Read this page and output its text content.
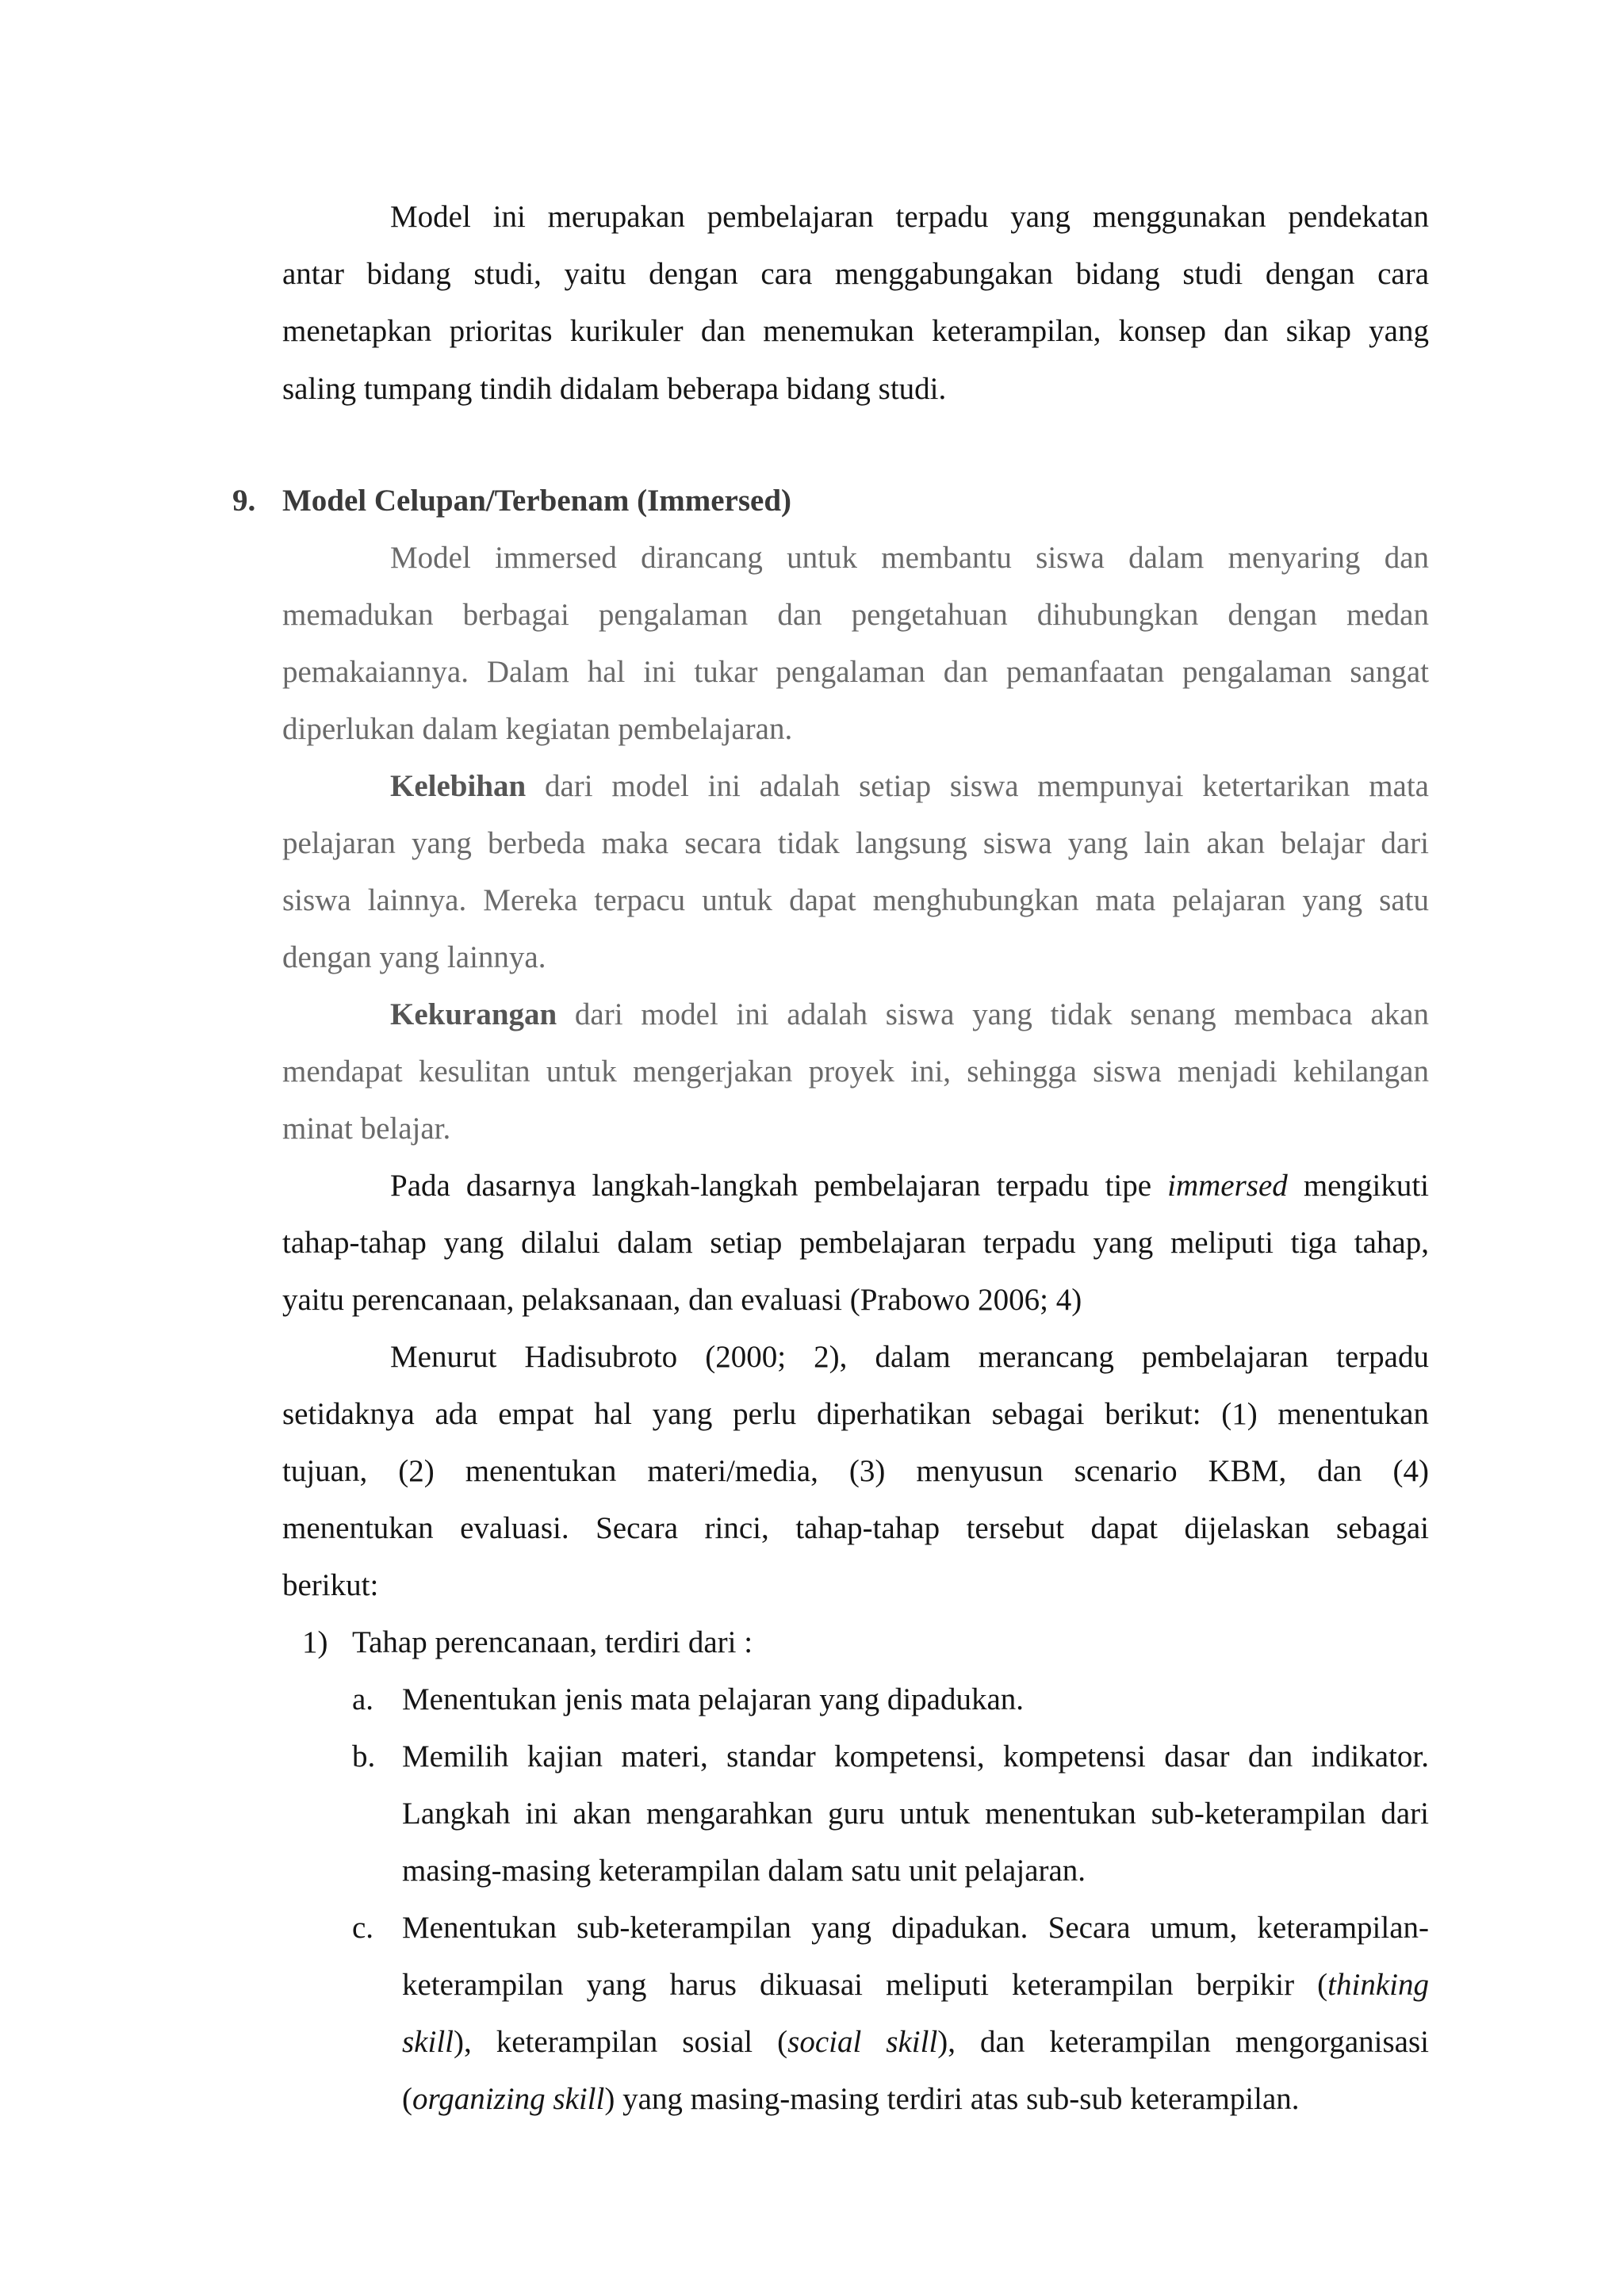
Model ini merupakan pembelajaran terpadu yang menggunakan pendekatan

antar bidang studi, yaitu dengan cara menggabungakan bidang studi dengan cara

menetapkan prioritas kurikuler dan menemukan keterampilan, konsep dan sikap yang

saling tumpang tindih didalam beberapa bidang studi.

9. Model Celupan/Terbenam (Immersed)

Model immersed dirancang untuk membantu siswa dalam menyaring dan

memadukan berbagai pengalaman dan pengetahuan dihubungkan dengan medan

pemakaiannya. Dalam hal ini tukar pengalaman dan pemanfaatan pengalaman sangat

diperlukan dalam kegiatan pembelajaran.

Kelebihan dari model ini adalah setiap siswa mempunyai ketertarikan mata

pelajaran yang berbeda maka secara tidak langsung siswa yang lain akan belajar dari

siswa lainnya. Mereka terpacu untuk dapat menghubungkan mata pelajaran yang satu

dengan yang lainnya.

Kekurangan dari model ini adalah siswa yang tidak senang membaca akan

mendapat kesulitan untuk mengerjakan proyek ini, sehingga siswa menjadi kehilangan

minat belajar.

Pada dasarnya langkah-langkah pembelajaran terpadu tipe immersed mengikuti

tahap-tahap yang dilalui dalam setiap pembelajaran terpadu yang meliputi tiga tahap,

yaitu perencanaan, pelaksanaan, dan evaluasi (Prabowo 2006; 4)

Menurut Hadisubroto (2000; 2), dalam merancang pembelajaran terpadu

setidaknya ada empat hal yang perlu diperhatikan sebagai berikut: (1) menentukan

tujuan, (2) menentukan materi/media, (3) menyusun scenario KBM, dan (4)

menentukan evaluasi. Secara rinci, tahap-tahap tersebut dapat dijelaskan sebagai

berikut:

1) Tahap perencanaan, terdiri dari :
a. Menentukan jenis mata pelajaran yang dipadukan.
b. Memilih kajian materi, standar kompetensi, kompetensi dasar dan indikator.

Langkah ini akan mengarahkan guru untuk menentukan sub-keterampilan dari

masing-masing keterampilan dalam satu unit pelajaran.

c. Menentukan sub-keterampilan yang dipadukan. Secara umum, keterampilan-

keterampilan yang harus dikuasai meliputi keterampilan berpikir (thinking

skill), keterampilan sosial (social skill), dan keterampilan mengorganisasi

(organizing skill) yang masing-masing terdiri atas sub-sub keterampilan.
